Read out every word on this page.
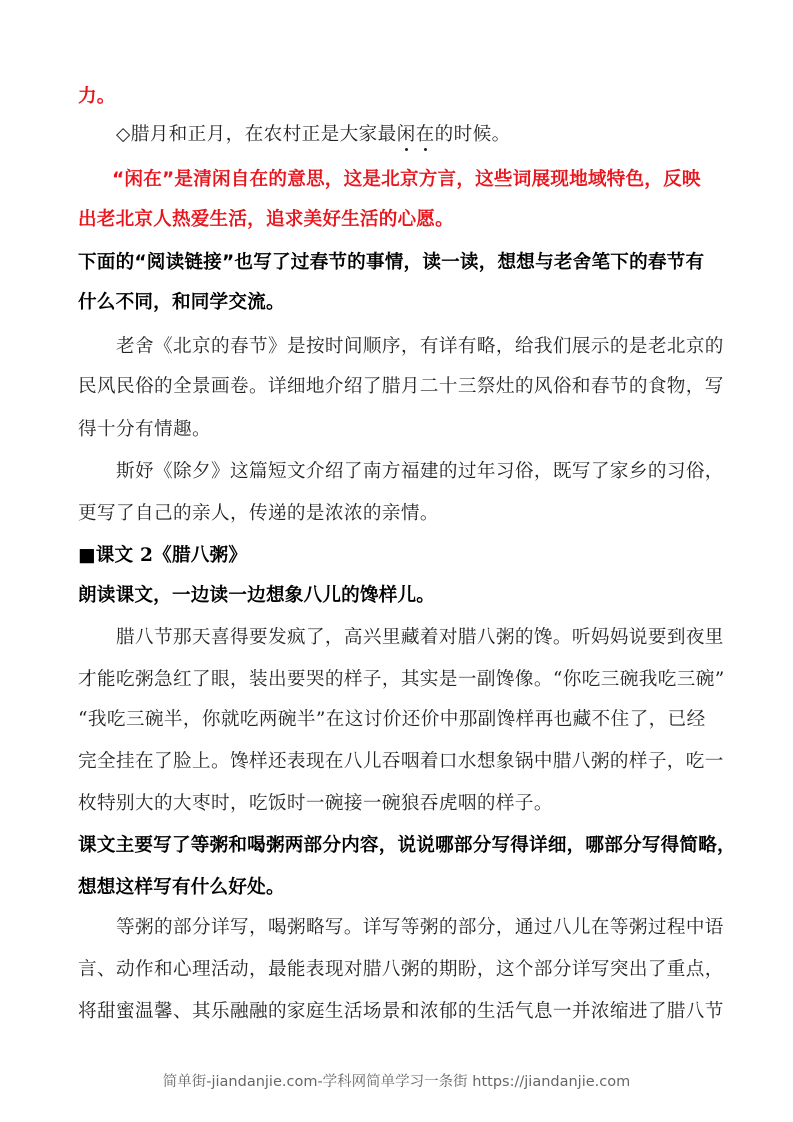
力。
◇腊月和正月，在农村正是大家最闲在的时候。
“闲在”是清闲自在的意思，这是北京方言，这些词展现地域特色，反映
出老北京人热爱生活，追求美好生活的心愿。
下面的“阅读链接”也写了过春节的事情，读一读，想想与老舍笔下的春节有
什么不同，和同学交流。
老舍《北京的春节》是按时间顺序，有详有略，给我们展示的是老北京的
民风民俗的全景画卷。详细地介绍了腊月二十三祭灶的风俗和春节的食物，写
得十分有情趣。
斯妤《除夕》这篇短文介绍了南方福建的过年习俗，既写了家乡的习俗，
更写了自己的亲人，传递的是浓浓的亲情。
■课文 2《腊八粥》
朗读课文，一边读一边想象八儿的馋样儿。
腊八节那天喜得要发疯了，高兴里藏着对腊八粥的馋。听妈妈说要到夜里
才能吃粥急红了眼，装出要哭的样子，其实是一副馋像。“你吃三碗我吃三碗”
“我吃三碗半，你就吃两碗半”在这讨价还价中那副馋样再也藏不住了，已经
完全挂在了脸上。馋样还表现在八儿吞咽着口水想象锅中腊八粥的样子，吃一
枚特别大的大枣时，吃饭时一碗接一碗狼吞虎咽的样子。
课文主要写了等粥和喝粥两部分内容，说说哪部分写得详细，哪部分写得简略，
想想这样写有什么好处。
等粥的部分详写，喝粥略写。详写等粥的部分，通过八儿在等粥过程中语
言、动作和心理活动，最能表现对腊八粥的期盼，这个部分详写突出了重点，
将甜蜜温馨、其乐融融的家庭生活场景和浓郁的生活气息一并浓缩进了腊八节
简单街-jiandanjie.com-学科网简单学习一条街 https://jiandanjie.com
